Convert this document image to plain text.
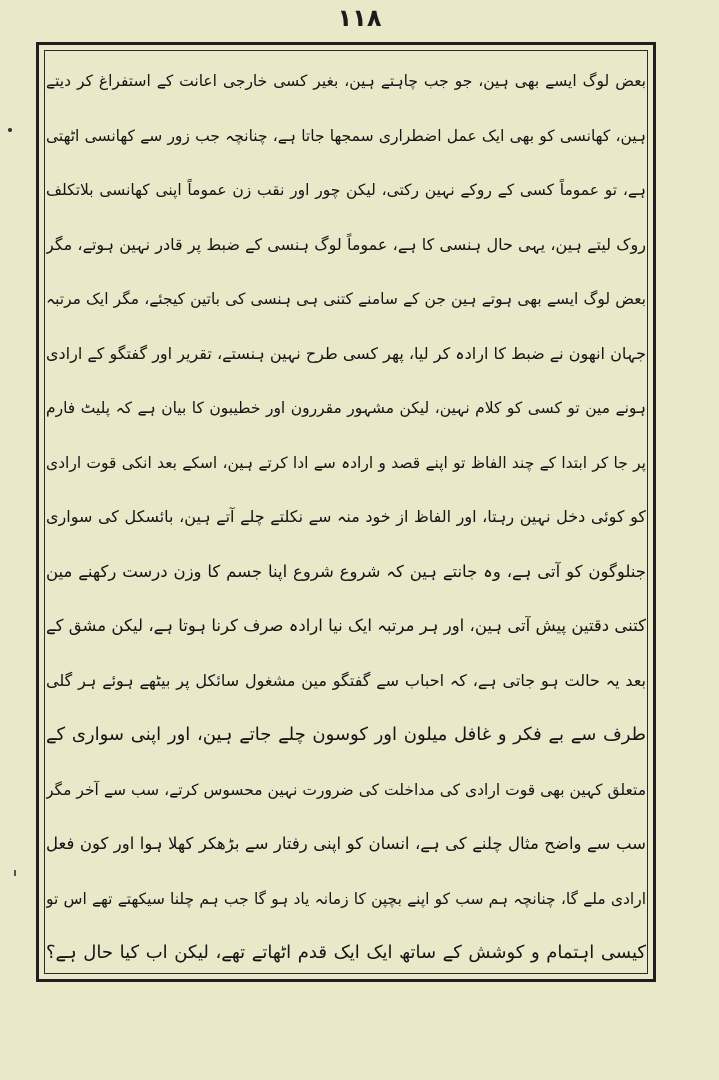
۱۱۸
بعض لوگ ایسے بھی ہین، جو جب چاہتے ہین، بغیر کسی خارجی اعانت کے استفراغ کر دیتے
ہین، کھانسی کو بھی ایک عمل اضطراری سمجھا جاتا ہے، چنانچہ جب زور سے کھانسی اٹھتی
ہے، تو عموماً کسی کے روکے نہین رکتی، لیکن چور اور نقب زن عموماً اپنی کھانسی بلاتکلف
روک لیتے ہین، یہی حال ہنسی کا ہے، عموماً لوگ ہنسی کے ضبط پر قادر نہین ہوتے، مگر
بعض لوگ ایسے بھی ہوتے ہین جن کے سامنے کتنی ہی ہنسی کی باتین کیجئے، مگر ایک مرتبہ
جہان انھون نے ضبط کا ارادہ کر لیا، پھر کسی طرح نہین ہنستے، تقریر اور گفتگو کے ارادی
ہونے مین تو کسی کو کلام نہین، لیکن مشہور مقررون اور خطیبون کا بیان ہے کہ پلیٹ فارم
پر جا کر ابتدا کے چند الفاظ تو اپنے قصد و ارادہ سے ادا کرتے ہین، اسکے بعد انکی قوت ارادی
کو کوئی دخل نہین رہتا، اور الفاظ از خود منہ سے نکلتے چلے آتے ہین، بائسکل کی سواری
جنلوگون کو آتی ہے، وہ جانتے ہین کہ شروع شروع اپنا جسم کا وزن درست رکھنے مین
کتنی دقتین پیش آتی ہین، اور ہر مرتبہ ایک نیا ارادہ صرف کرنا ہوتا ہے، لیکن مشق کے
بعد یہ حالت ہو جاتی ہے، کہ احباب سے گفتگو مین مشغول سائکل پر بیٹھے ہوئے ہر گلی
طرف سے بے فکر و غافل میلون اور کوسون چلے جاتے ہین، اور اپنی سواری کے
متعلق کہین بھی قوت ارادی کی مداخلت کی ضرورت نہین محسوس کرتے، سب سے آخر مگر
سب سے واضح مثال چلنے کی ہے، انسان کو اپنی رفتار سے بڑھکر کھلا ہوا اور کون فعل
ارادی ملے گا، چنانچہ ہم سب کو اپنے بچپن کا زمانہ یاد ہو گا جب ہم چلنا سیکھتے تھے اس تو
کیسی اہتمام و کوشش کے ساتھ ایک ایک قدم اٹھاتے تھے، لیکن اب کیا حال ہے؟
